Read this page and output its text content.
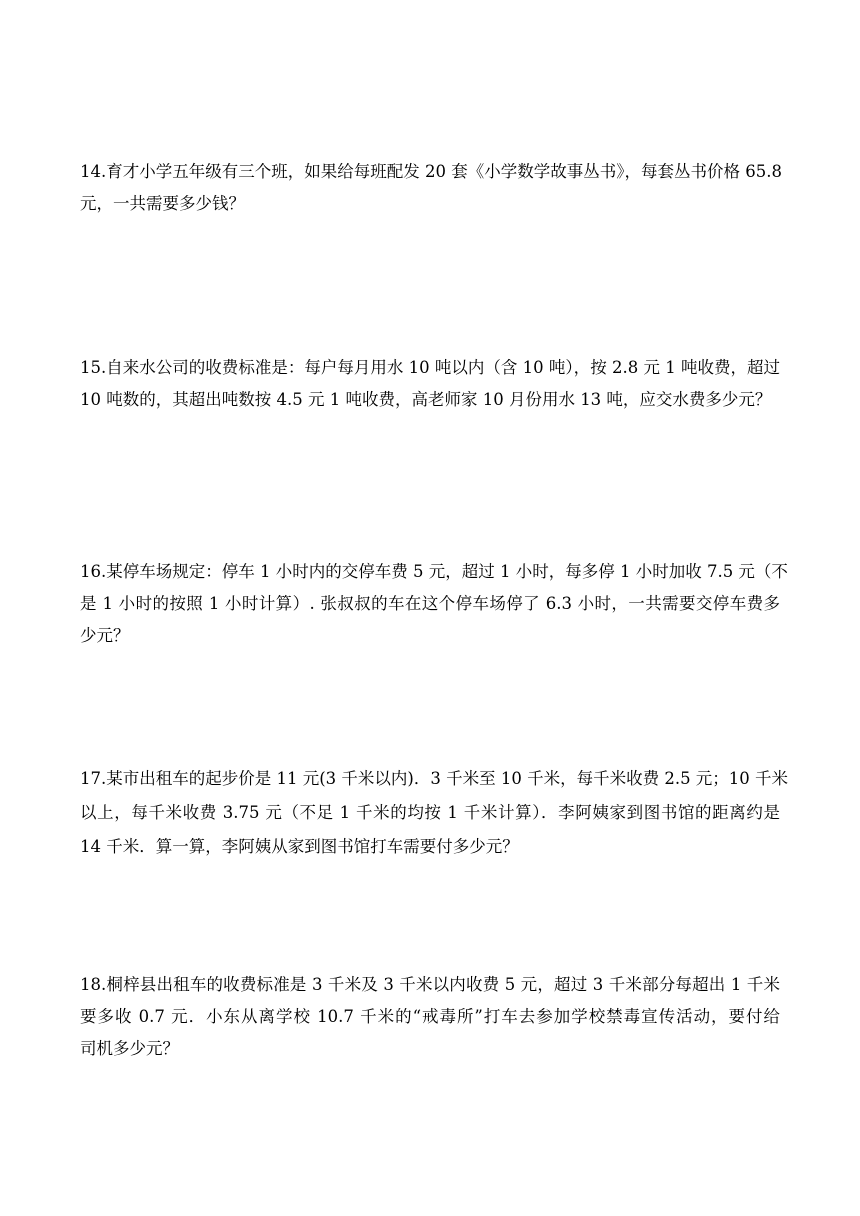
14.育才小学五年级有三个班，如果给每班配发 20 套《小学数学故事丛书》，每套丛书价格 65.8
元，一共需要多少钱？
15.自来水公司的收费标准是：每户每月用水 10 吨以内（含 10 吨），按 2.8 元 1 吨收费，超过
10 吨数的，其超出吨数按 4.5 元 1 吨收费，高老师家 10 月份用水 13 吨，应交水费多少元？
16.某停车场规定：停车 1 小时内的交停车费 5 元，超过 1 小时，每多停 1 小时加收 7.5 元（不
是 1 小时的按照 1 小时计算）. 张叔叔的车在这个停车场停了 6.3 小时，一共需要交停车费多
少元？
17.某市出租车的起步价是 11 元(3 千米以内)．3 千米至 10 千米，每千米收费 2.5 元；10 千米
以上，每千米收费 3.75 元（不足 1 千米的均按 1 千米计算）．李阿姨家到图书馆的距离约是
14 千米．算一算，李阿姨从家到图书馆打车需要付多少元？
18.桐梓县出租车的收费标准是 3 千米及 3 千米以内收费 5 元，超过 3 千米部分每超出 1 千米
要多收 0.7 元．小东从离学校 10.7 千米的“戒毒所”打车去参加学校禁毒宣传活动，要付给
司机多少元？
